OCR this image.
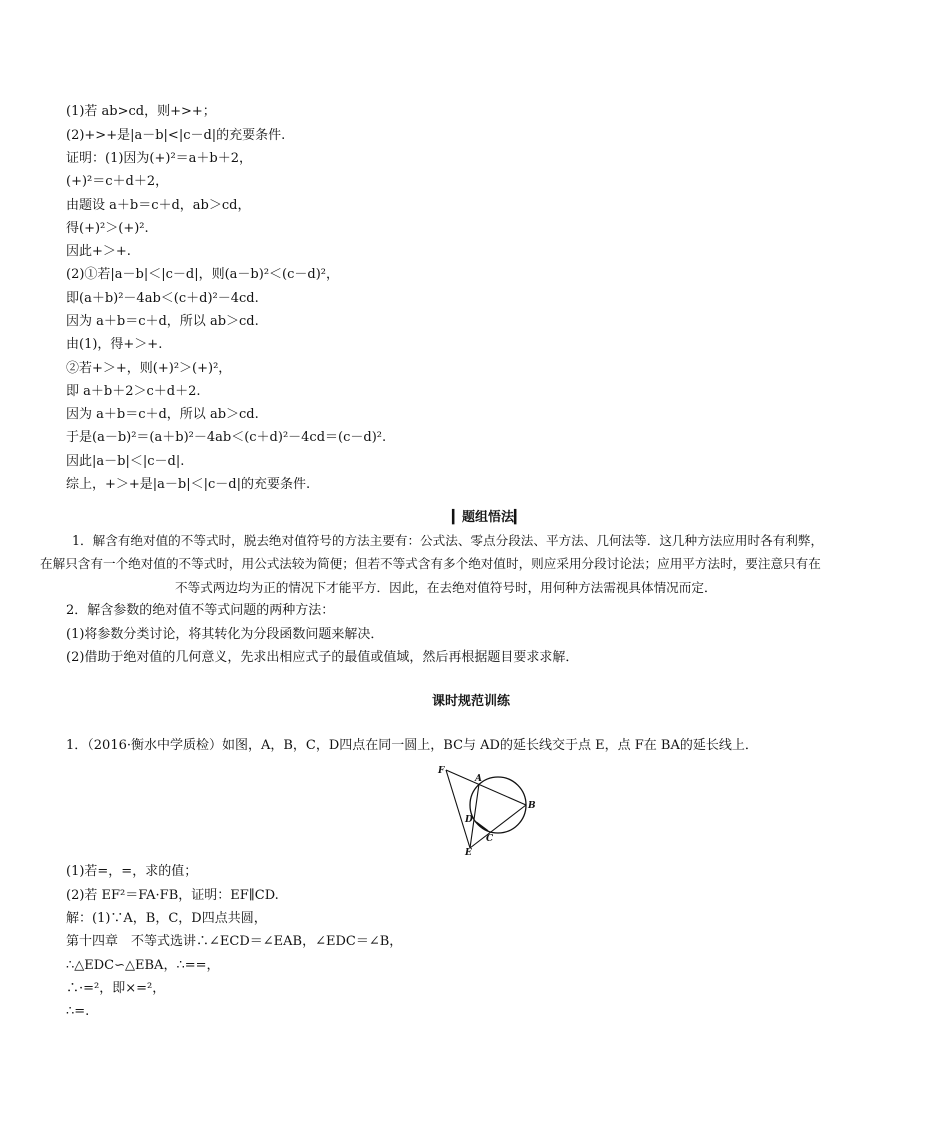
(1)若 ab>cd，则+>+；
(2)+>+是|a－b|<|c－d|的充要条件.
证明：(1)因为(+)²＝a＋b＋2，
(+)²＝c＋d＋2，
由题设 a＋b＝c＋d，ab＞cd，
得(+)²＞(+)².
因此+＞+.
(2)①若|a－b|＜|c－d|，则(a－b)²＜(c－d)²，
即(a＋b)²－4ab＜(c＋d)²－4cd.
因为 a＋b＝c＋d，所以 ab＞cd.
由(1)，得+＞+.
②若+＞+，则(+)²＞(+)²，
即 a＋b＋2＞c＋d＋2.
因为 a＋b＝c＋d，所以 ab＞cd.
于是(a－b)²＝(a＋b)²－4ab＜(c＋d)²－4cd＝(c－d)².
因此|a－b|＜|c－d|.
综上，+＞+是|a－b|＜|c－d|的充要条件.
▎题组悟法▎
1．解含有绝对值的不等式时，脱去绝对值符号的方法主要有：公式法、零点分段法、平方法、几何法等．这几种方法应用时各有利弊，
在解只含有一个绝对值的不等式时，用公式法较为简便；但若不等式含有多个绝对值时，则应采用分段讨论法；应用平方法时，要注意只有在
不等式两边均为正的情况下才能平方．因此，在去绝对值符号时，用何种方法需视具体情况而定．
2．解含参数的绝对值不等式问题的两种方法：
(1)将参数分类讨论，将其转化为分段函数问题来解决．
(2)借助于绝对值的几何意义，先求出相应式子的最值或值域，然后再根据题目要求求解．
课时规范训练
1．（2016·衡水中学质检）如图，A，B，C，D四点在同一圆上，BC与 AD的延长线交于点 E，点 F在 BA的延长线上．
F
A
B
D
C
E
(1)若=，=，求的值；
(2)若 EF²＝FA·FB，证明：EF∥CD.
解：(1)∵A，B，C，D四点共圆，
第十四章　不等式选讲∴∠ECD＝∠EAB，∠EDC＝∠B，
∴△EDC∽△EBA，∴==，
∴·=²，即×=²，
∴=.
